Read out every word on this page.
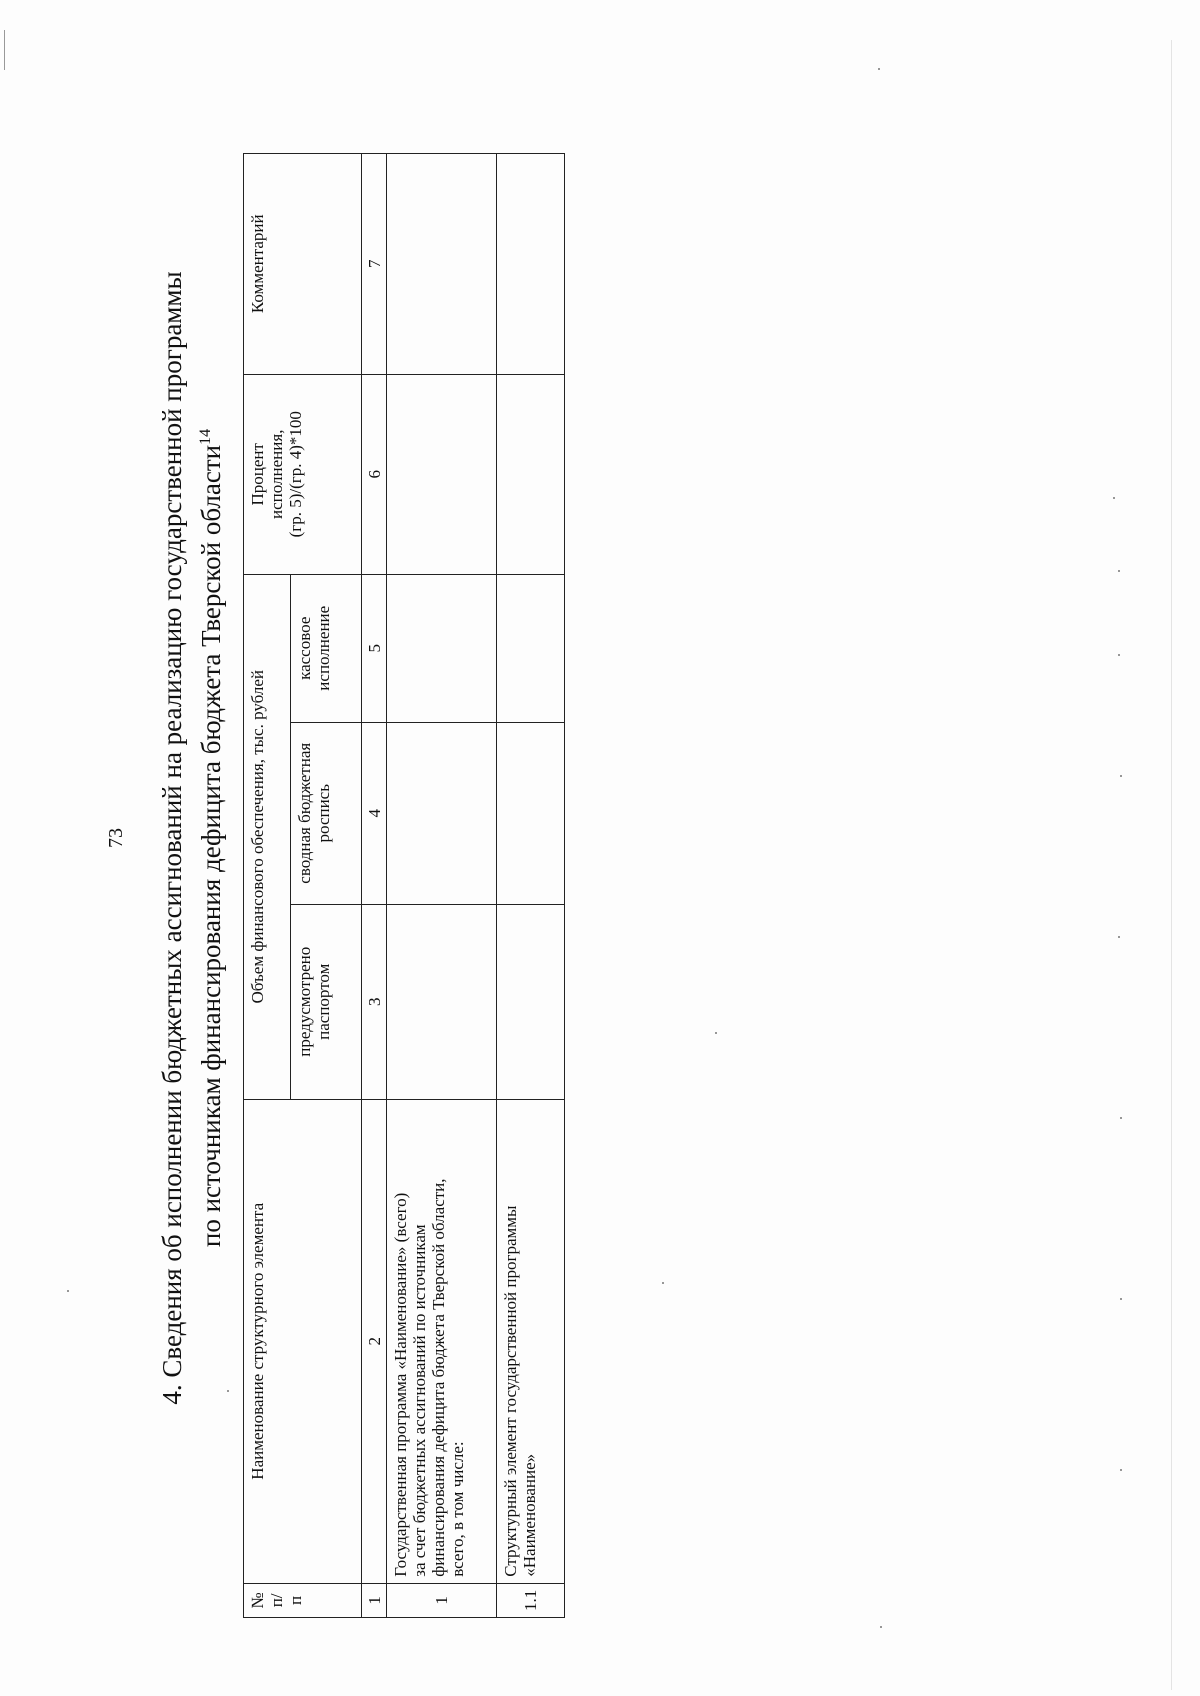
73 4. Сведения об исполнении бюджетных ассигнований на реализацию государственной программы по источникам финансирования дефицита бюджета Тверской области$^{14}$
№ п/п	Наименование структурного элемента	Объем финансового обеспечения, тыс. рублей			Процент исполнения, (гр. 5)/(гр. 4)*100	Комментарий
		предусмотрено паспортом	сводная бюджетная роспись	кассовое исполнение		
1	2	3	4	5	6	7
1	Государственная программа «Наименование» (всего) за счет бюджетных ассигнований по источникам финансирования дефицита бюджета Тверской области, всего, в том числе:					

1.1	Структурный элемент государственной программы «Наименование»					
